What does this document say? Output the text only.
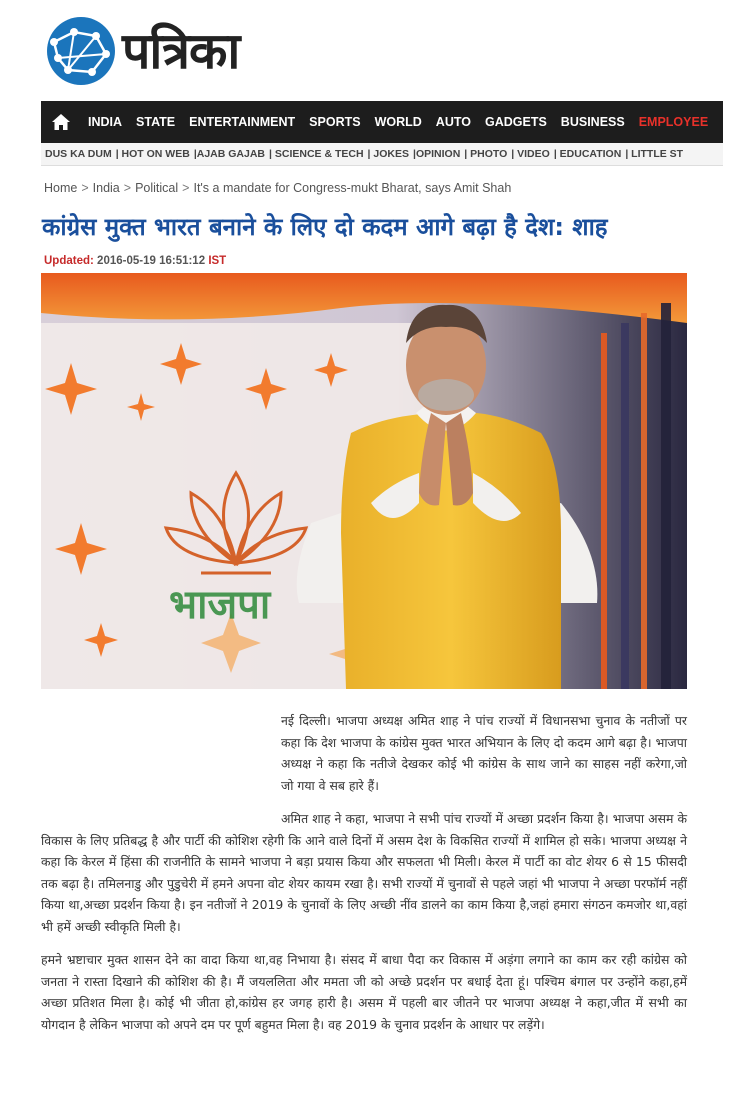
पत्रिका
INDIA	STATE	ENTERTAINMENT	SPORTS	WORLD	AUTO	GADGETS	BUSINESS	EMPLOYEE
DUS KA DUM | HOT ON WEB |AJAB GAJAB | SCIENCE & TECH | JOKES |OPINION | PHOTO | VIDEO | EDUCATION | LITTLE ST
Home > India > Political > It's a mandate for Congress-mukt Bharat, says Amit Shah
कांग्रेस मुक्त भारत बनाने के लिए दो कदम आगे बढ़ा है देश: शाह
Updated: 2016-05-19 16:51:12 IST
भाजपा

नई दिल्ली। भाजपा अध्यक्ष अमित शाह ने पांच राज्यों में विधानसभा चुनाव के नतीजों पर कहा कि देश भाजपा के कांग्रेस मुक्त भारत अभियान के लिए दो कदम आगे बढ़ा है। भाजपा अध्यक्ष ने कहा कि नतीजे देखकर कोई भी कांग्रेस के साथ जाने का साहस नहीं करेगा,जो जो गया वे सब हारे हैं।

अमित शाह ने कहा, भाजपा ने सभी पांच राज्यों में अच्छा प्रदर्शन किया है। भाजपा असम के विकास के लिए प्रतिबद्ध है और पार्टी की कोशिश रहेगी कि आने वाले दिनों में असम देश के विकसित राज्यों में शामिल हो सके। भाजपा अध्यक्ष ने कहा कि केरल में हिंसा की राजनीति के सामने भाजपा ने बड़ा प्रयास किया और सफलता भी मिली। केरल में पार्टी का वोट शेयर 6 से 15 फीसदी तक बढ़ा है। तमिलनाडु और पुडुचेरी में हमने अपना वोट शेयर कायम रखा है। सभी राज्यों में चुनावों से पहले जहां भी भाजपा ने अच्छा परफॉर्म नहीं किया था,अच्छा प्रदर्शन किया है। इन नतीजों ने 2019 के चुनावों के लिए अच्छी नींव डालने का काम किया है,जहां हमारा संगठन कमजोर था,वहां भी हमें अच्छी स्वीकृति मिली है।

हमने भ्रष्टाचार मुक्त शासन देने का वादा किया था,वह निभाया है। संसद में बाधा पैदा कर विकास में अड़ंगा लगाने का काम कर रही कांग्रेस को जनता ने रास्ता दिखाने की कोशिश की है। मैं जयललिता और ममता जी को अच्छे प्रदर्शन पर बधाई देता हूं। पश्चिम बंगाल पर उन्होंने कहा,हमें अच्छा प्रतिशत मिला है। कोई भी जीता हो,कांग्रेस हर जगह हारी है। असम में पहली बार जीतने पर भाजपा अध्यक्ष ने कहा,जीत में सभी का योगदान है लेकिन भाजपा को अपने दम पर पूर्ण बहुमत मिला है। वह 2019 के चुनाव प्रदर्शन के आधार पर लड़ेंगे।
